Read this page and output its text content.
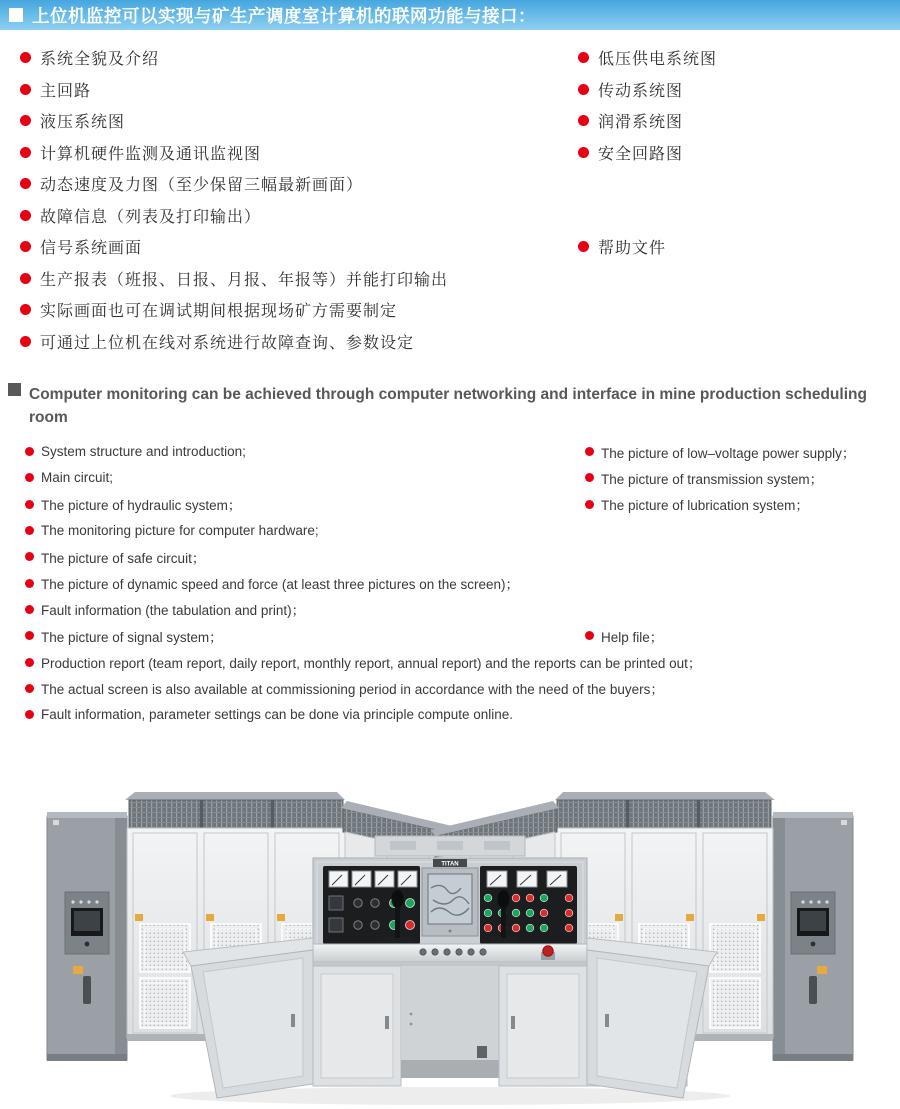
上位机监控可以实现与矿生产调度室计算机的联网功能与接口：
系统全貌及介绍
主回路
液压系统图
计算机硬件监测及通讯监视图
动态速度及力图（至少保留三幅最新画面）
故障信息（列表及打印输出）
信号系统画面
生产报表（班报、日报、月报、年报等）并能打印输出
实际画面也可在调试期间根据现场矿方需要制定
可通过上位机在线对系统进行故障查询、参数设定
低压供电系统图
传动系统图
润滑系统图
安全回路图
帮助文件
Computer monitoring can be achieved through computer networking and interface in mine production scheduling room
System structure and introduction;
Main circuit;
The picture of hydraulic system；
The monitoring picture for computer hardware;
The picture of safe circuit；
The picture of dynamic speed and force (at least three pictures on the screen)；
Fault information (the tabulation and print)；
The picture of signal system；
Production report (team report, daily report, monthly report, annual report) and the reports can be printed out；
The actual screen is also available at commissioning period in accordance with the need of the buyers；
Fault information, parameter settings can be done via principle compute online.
The picture of low–voltage power supply；
The picture of transmission system；
The picture of lubrication system；
Help file；
TITAN
